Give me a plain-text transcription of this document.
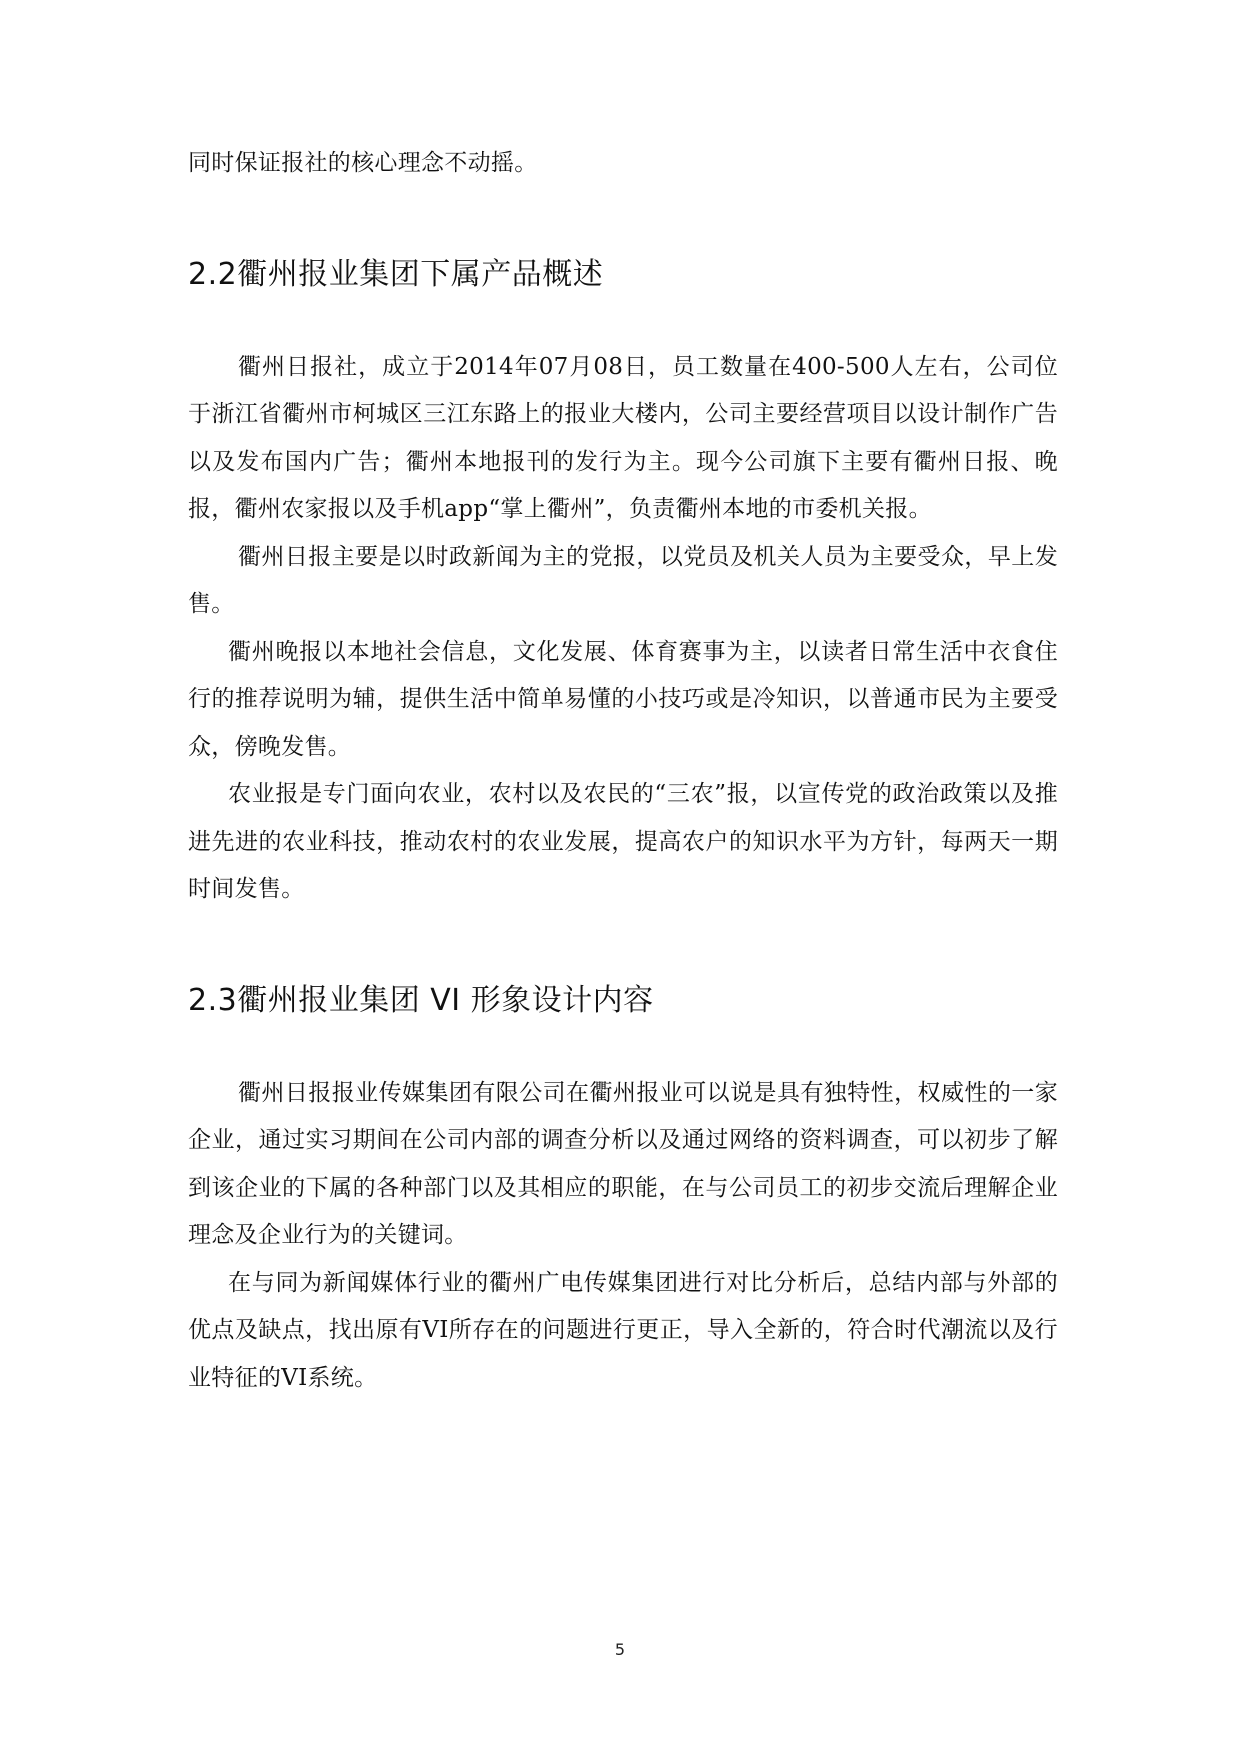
同时保证报社的核心理念不动摇。

2.2衢州报业集团下属产品概述

衢州日报社，成立于2014年07月08日，员工数量在400-500人左右，公司位于浙江省衢州市柯城区三江东路上的报业大楼内，公司主要经营项目以设计制作广告以及发布国内广告；衢州本地报刊的发行为主。现今公司旗下主要有衢州日报、晚报，衢州农家报以及手机app“掌上衢州”，负责衢州本地的市委机关报。

衢州日报主要是以时政新闻为主的党报，以党员及机关人员为主要受众，早上发售。

衢州晚报以本地社会信息，文化发展、体育赛事为主，以读者日常生活中衣食住行的推荐说明为辅，提供生活中简单易懂的小技巧或是冷知识，以普通市民为主要受众，傍晚发售。

农业报是专门面向农业，农村以及农民的“三农”报，以宣传党的政治政策以及推进先进的农业科技，推动农村的农业发展，提高农户的知识水平为方针，每两天一期时间发售。

2.3衢州报业集团 VI 形象设计内容

衢州日报报业传媒集团有限公司在衢州报业可以说是具有独特性，权威性的一家企业，通过实习期间在公司内部的调查分析以及通过网络的资料调查，可以初步了解到该企业的下属的各种部门以及其相应的职能，在与公司员工的初步交流后理解企业理念及企业行为的关键词。

在与同为新闻媒体行业的衢州广电传媒集团进行对比分析后，总结内部与外部的优点及缺点，找出原有VI所存在的问题进行更正，导入全新的，符合时代潮流以及行业特征的VI系统。

5
